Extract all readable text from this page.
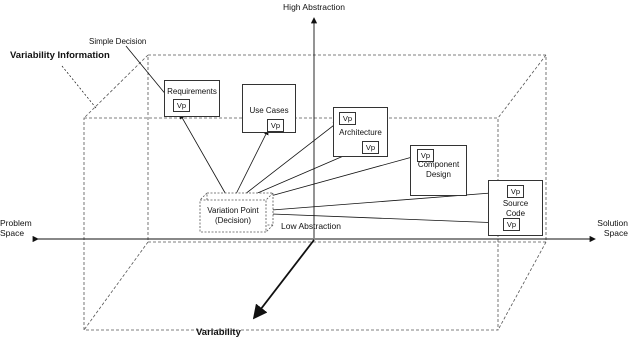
High Abstraction
Low Abstraction
Problem
Space
Solution
Space
Variability
Variability Information
Simple Decision
Requirements
Vp
Use Cases
Vp
Vp
Architecture
Vp
Vp
Component
Design
Vp
Source
Code
Vp
Variation Point
(Decision)
